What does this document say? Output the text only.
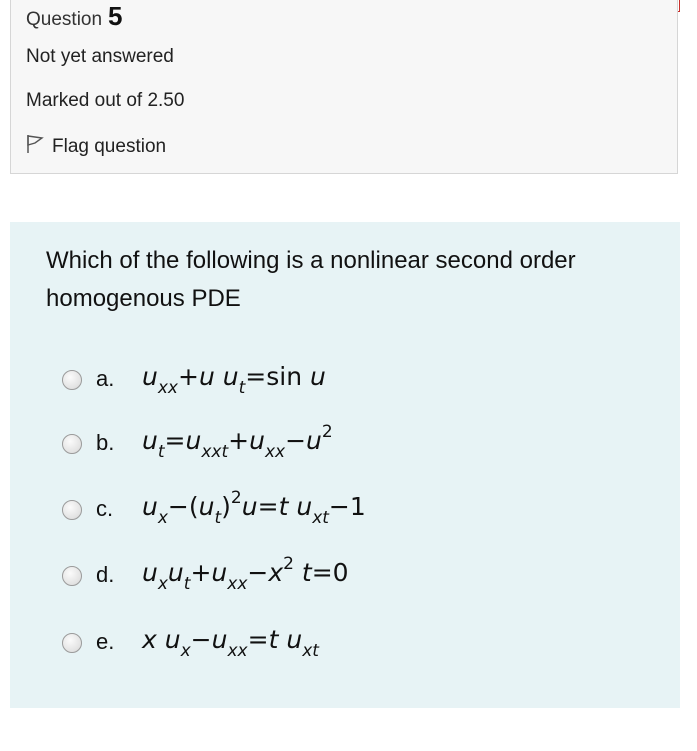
Question 5
Not yet answered
Marked out of 2.50
Flag question
Which of the following is a nonlinear second order homogenous PDE
a. $u_{xx}+u$ $u_t=\sin$ u
b. $u_t=u_{xxt}+u_{xx}-u^2$
c. $u_x-(u_t)^2u=t$ $u_{xt}-1$
d. $u_xu_t+u_{xx}-x^2$ t=0
e. x $u_x-u_{xx}=t$ $u_{xt}$
